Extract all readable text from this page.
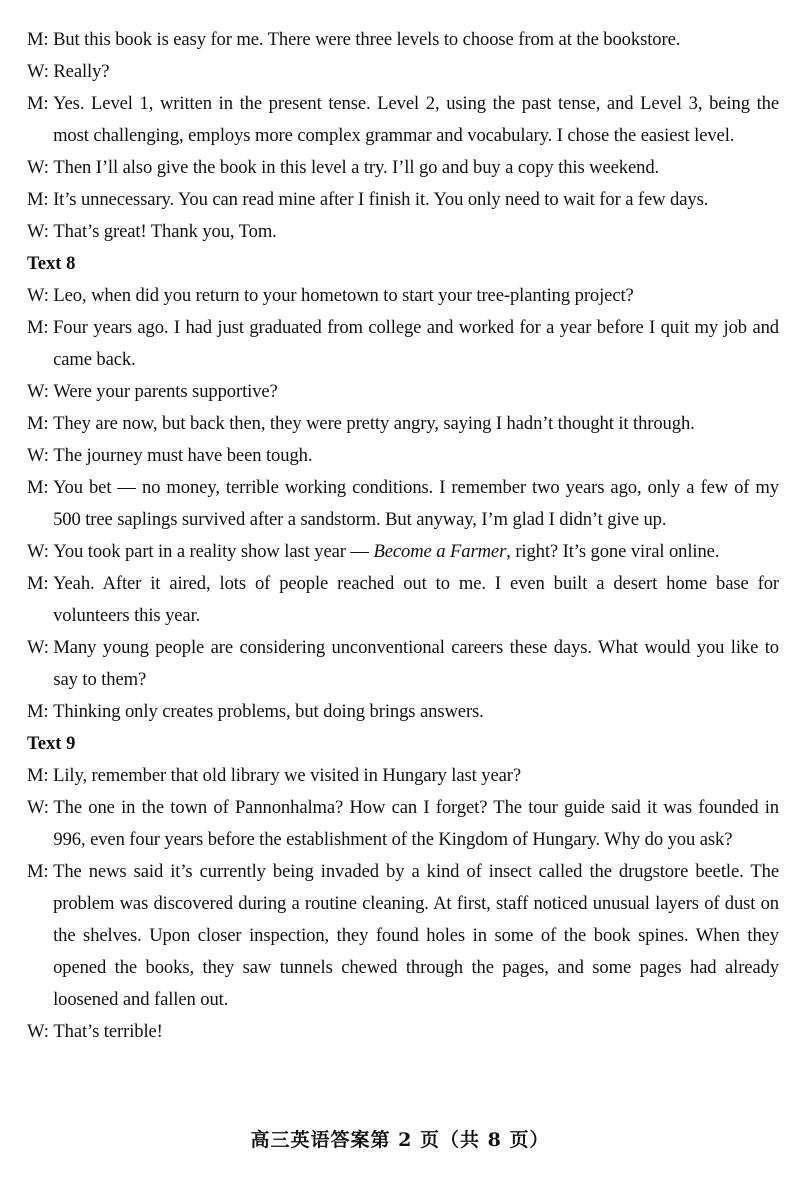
M: But this book is easy for me. There were three levels to choose from at the bookstore.
W: Really?
M: Yes. Level 1, written in the present tense. Level 2, using the past tense, and Level 3, being the most challenging, employs more complex grammar and vocabulary. I chose the easiest level.
W: Then I’ll also give the book in this level a try. I’ll go and buy a copy this weekend.
M: It’s unnecessary. You can read mine after I finish it. You only need to wait for a few days.
W: That’s great! Thank you, Tom.
Text 8
W: Leo, when did you return to your hometown to start your tree-planting project?
M: Four years ago. I had just graduated from college and worked for a year before I quit my job and came back.
W: Were your parents supportive?
M: They are now, but back then, they were pretty angry, saying I hadn’t thought it through.
W: The journey must have been tough.
M: You bet — no money, terrible working conditions. I remember two years ago, only a few of my 500 tree saplings survived after a sandstorm. But anyway, I’m glad I didn’t give up.
W: You took part in a reality show last year — Become a Farmer, right? It’s gone viral online.
M: Yeah. After it aired, lots of people reached out to me. I even built a desert home base for volunteers this year.
W: Many young people are considering unconventional careers these days. What would you like to say to them?
M: Thinking only creates problems, but doing brings answers.
Text 9
M: Lily, remember that old library we visited in Hungary last year?
W: The one in the town of Pannonhalma? How can I forget? The tour guide said it was founded in 996, even four years before the establishment of the Kingdom of Hungary. Why do you ask?
M: The news said it’s currently being invaded by a kind of insect called the drugstore beetle. The problem was discovered during a routine cleaning. At first, staff noticed unusual layers of dust on the shelves. Upon closer inspection, they found holes in some of the book spines. When they opened the books, they saw tunnels chewed through the pages, and some pages had already loosened and fallen out.
W: That’s terrible!
高三英语答案第 2 页（共 8 页）
